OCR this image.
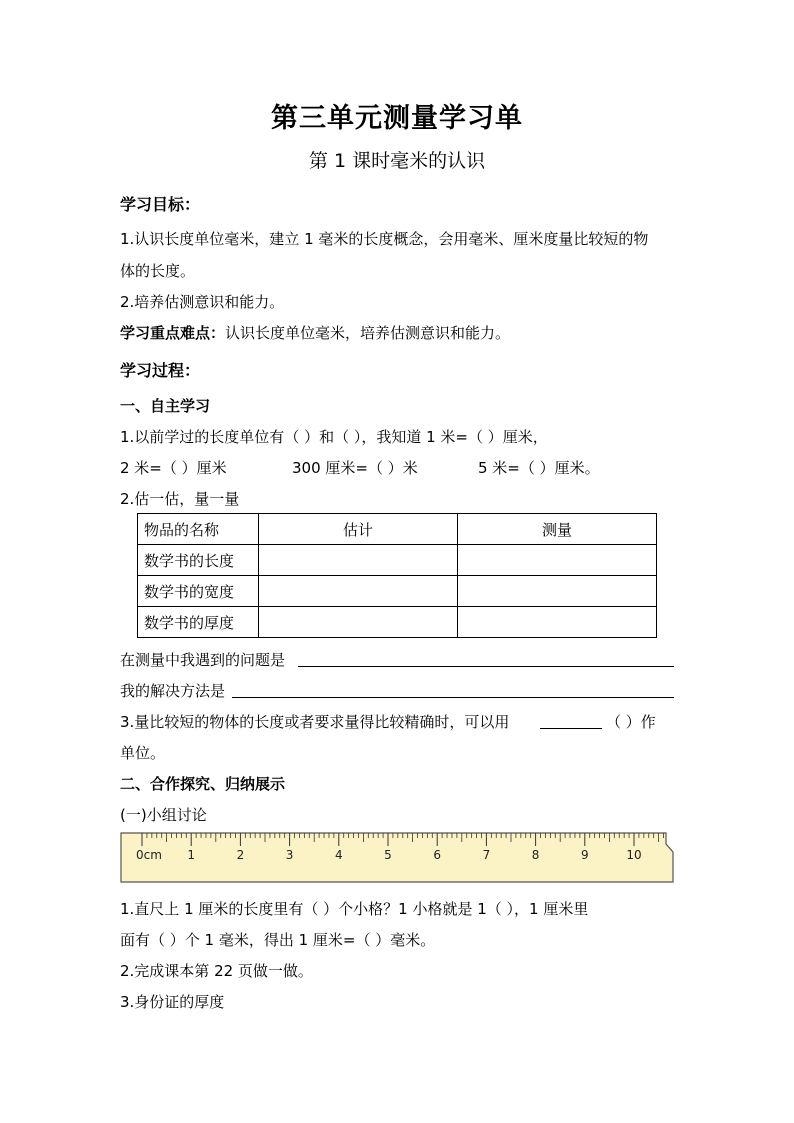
第三单元测量学习单
第 1 课时毫米的认识
学习目标：
1.认识长度单位毫米，建立 1 毫米的长度概念，会用毫米、厘米度量比较短的物
体的长度。
2.培养估测意识和能力。
学习重点难点：认识长度单位毫米，培养估测意识和能力。
学习过程：
一、自主学习
1.以前学过的长度单位有（ ）和（ ），我知道 1 米=（ ）厘米，
2 米=（ ）厘米	300 厘米=（ ）米	5 米=（ ）厘米。
2.估一估，量一量
物品的名称	估计	测量
数学书的长度		
数学书的宽度		
数学书的厚度		
在测量中我遇到的问题是
我的解决方法是
3.量比较短的物体的长度或者要求量得比较精确时，可以用	（ ）作
单位。
二、合作探究、归纳展示
(一)小组讨论
0cm 1	2	3	4	5	6	7	8	9	10
1.直尺上 1 厘米的长度里有（ ）个小格？1 小格就是 1（ ），1 厘米里
面有（ ）个 1 毫米，得出 1 厘米=（ ）毫米。
2.完成课本第 22 页做一做。
3.身份证的厚度
